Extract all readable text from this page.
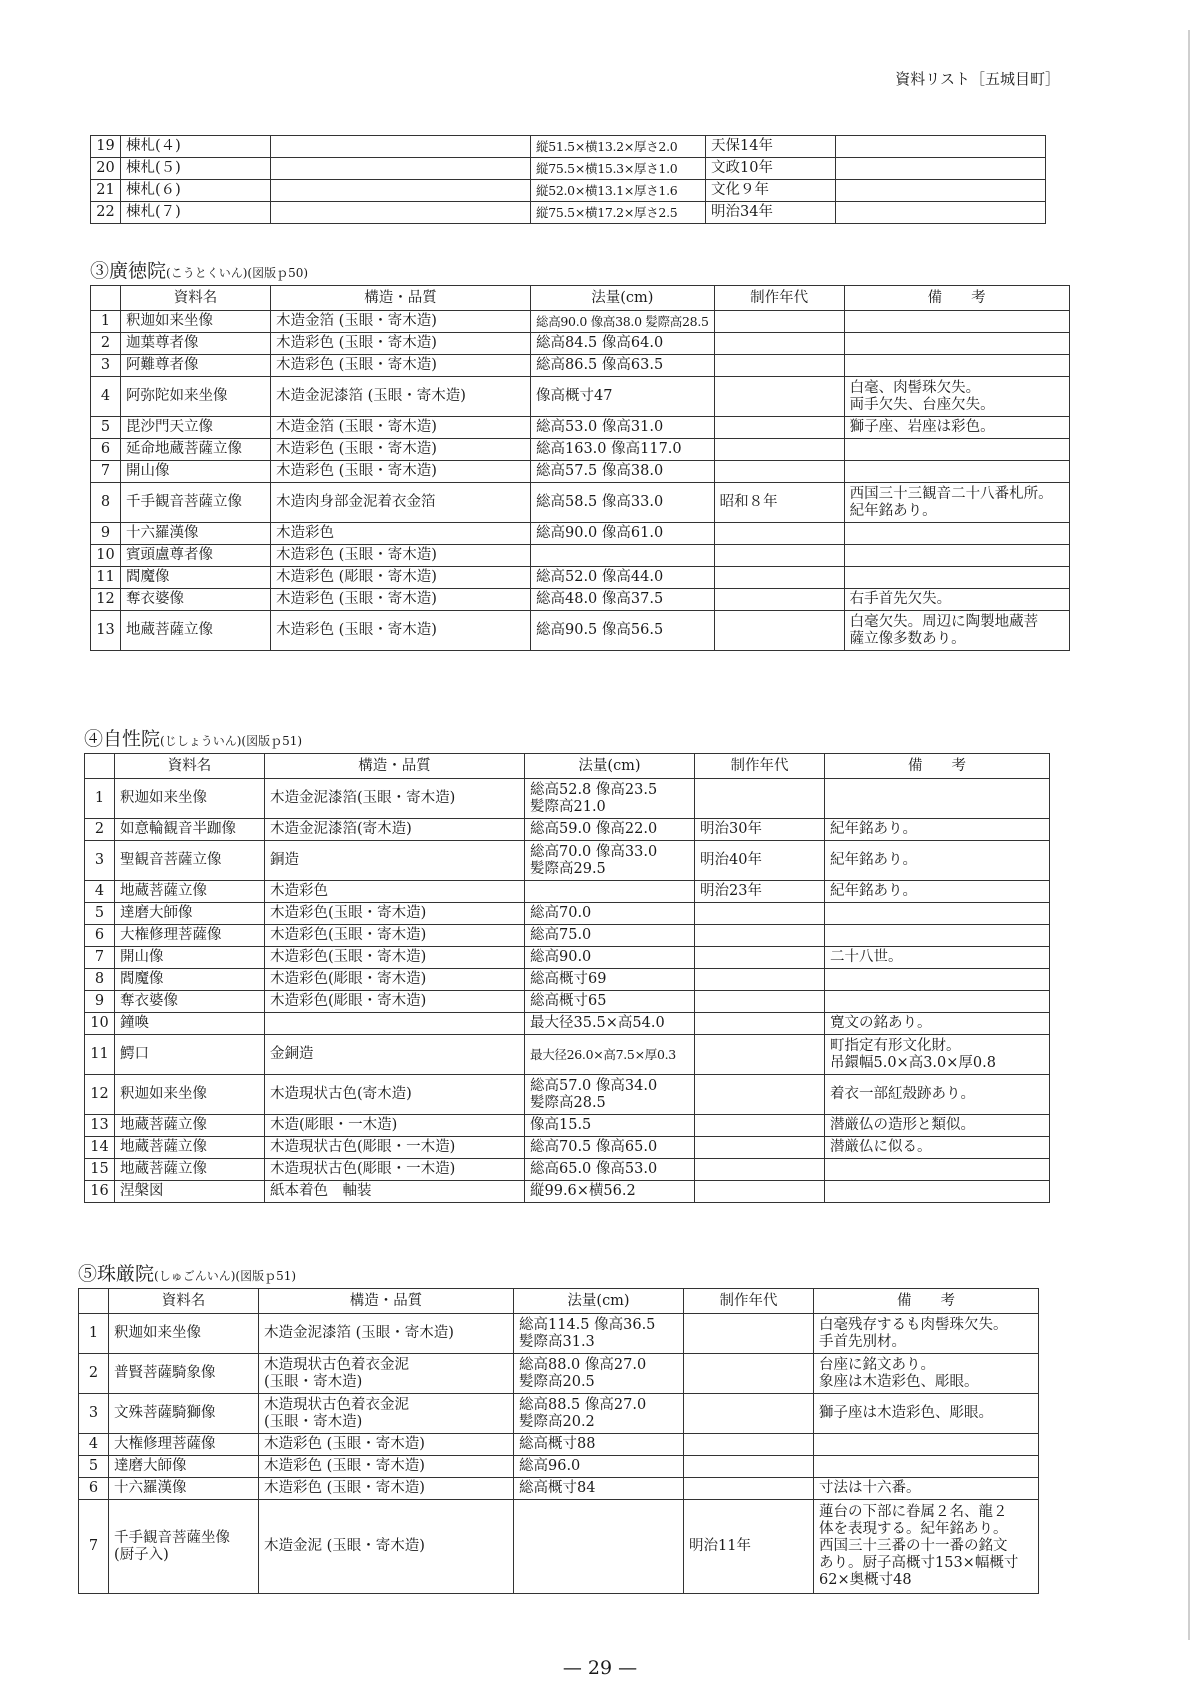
資料リスト［五城目町］
19	棟札(４)		縦51.5×横13.2×厚さ2.0	天保14年	

20	棟札(５)		縦75.5×横15.3×厚さ1.0	文政10年	

21	棟札(６)		縦52.0×横13.1×厚さ1.6	文化９年	

22	棟札(７)		縦75.5×横17.2×厚さ2.5	明治34年	

③廣徳院(こうとくいん)(図版ｐ50)
	資料名	構造・品質	法量(cm)	制作年代	備　　考

1	釈迦如来坐像	木造金箔 (玉眼・寄木造)	総高90.0 像高38.0 髪際高28.5		

2	迦葉尊者像	木造彩色 (玉眼・寄木造)	総高84.5 像高64.0		

3	阿難尊者像	木造彩色 (玉眼・寄木造)	総高86.5 像高63.5		

4	阿弥陀如来坐像	木造金泥漆箔 (玉眼・寄木造)	像高概寸47		白毫、肉髻珠欠失。
両手欠失、台座欠失。

5	毘沙門天立像	木造金箔 (玉眼・寄木造)	総高53.0 像高31.0		獅子座、岩座は彩色。

6	延命地蔵菩薩立像	木造彩色 (玉眼・寄木造)	総高163.0 像高117.0		

7	開山像	木造彩色 (玉眼・寄木造)	総高57.5 像高38.0		

8	千手観音菩薩立像	木造肉身部金泥着衣金箔	総高58.5 像高33.0	昭和８年	西国三十三観音二十八番札所。
紀年銘あり。

9	十六羅漢像	木造彩色	総高90.0 像高61.0		

10	賓頭盧尊者像	木造彩色 (玉眼・寄木造)			

11	閻魔像	木造彩色 (彫眼・寄木造)	総高52.0 像高44.0		

12	奪衣婆像	木造彩色 (玉眼・寄木造)	総高48.0 像高37.5		右手首先欠失。

13	地蔵菩薩立像	木造彩色 (玉眼・寄木造)	総高90.5 像高56.5		白毫欠失。周辺に陶製地蔵菩
薩立像多数あり。
④自性院(じしょういん)(図版ｐ51)
	資料名	構造・品質	法量(cm)	制作年代	備　　考

1	釈迦如来坐像	木造金泥漆箔(玉眼・寄木造)	総高52.8 像高23.5
髪際高21.0		

2	如意輪観音半跏像	木造金泥漆箔(寄木造)	総高59.0 像高22.0	明治30年	紀年銘あり。

3	聖観音菩薩立像	銅造	総高70.0 像高33.0
髪際高29.5	明治40年	紀年銘あり。

4	地蔵菩薩立像	木造彩色		明治23年	紀年銘あり。

5	達磨大師像	木造彩色(玉眼・寄木造)	総高70.0		

6	大権修理菩薩像	木造彩色(玉眼・寄木造)	総高75.0		

7	開山像	木造彩色(玉眼・寄木造)	総高90.0		二十八世。

8	閻魔像	木造彩色(彫眼・寄木造)	総高概寸69		

9	奪衣婆像	木造彩色(彫眼・寄木造)	総高概寸65		

10	鐘喚		最大径35.5×高54.0		寛文の銘あり。

11	鰐口	金銅造	最大径26.0×高7.5×厚0.3		町指定有形文化財。
吊鐶幅5.0×高3.0×厚0.8

12	釈迦如来坐像	木造現状古色(寄木造)	総高57.0 像高34.0
髪際高28.5		着衣一部紅殻跡あり。

13	地蔵菩薩立像	木造(彫眼・一木造)	像高15.5		潜厳仏の造形と類似。

14	地蔵菩薩立像	木造現状古色(彫眼・一木造)	総高70.5 像高65.0		潜厳仏に似る。

15	地蔵菩薩立像	木造現状古色(彫眼・一木造)	総高65.0 像高53.0		

16	涅槃図	紙本着色　軸装	縦99.6×横56.2		

⑤珠厳院(しゅごんいん)(図版ｐ51)
	資料名	構造・品質	法量(cm)	制作年代	備　　考

1	釈迦如来坐像	木造金泥漆箔 (玉眼・寄木造)	総高114.5 像高36.5
髪際高31.3		白毫残存するも肉髻珠欠失。
手首先別材。

2	普賢菩薩騎象像	木造現状古色着衣金泥
(玉眼・寄木造)	総高88.0 像高27.0
髪際高20.5		台座に銘文あり。
象座は木造彩色、彫眼。

3	文殊菩薩騎獅像	木造現状古色着衣金泥
(玉眼・寄木造)	総高88.5 像高27.0
髪際高20.2		獅子座は木造彩色、彫眼。

4	大権修理菩薩像	木造彩色 (玉眼・寄木造)	総高概寸88		

5	達磨大師像	木造彩色 (玉眼・寄木造)	総高96.0		

6	十六羅漢像	木造彩色 (玉眼・寄木造)	総高概寸84		寸法は十六番。

7	千手観音菩薩坐像
(厨子入)	木造金泥 (玉眼・寄木造)		明治11年	蓮台の下部に眷属２名、龍２
体を表現する。紀年銘あり。
西国三十三番の十一番の銘文
あり。厨子高概寸153×幅概寸
62×奥概寸48
— 29 —
